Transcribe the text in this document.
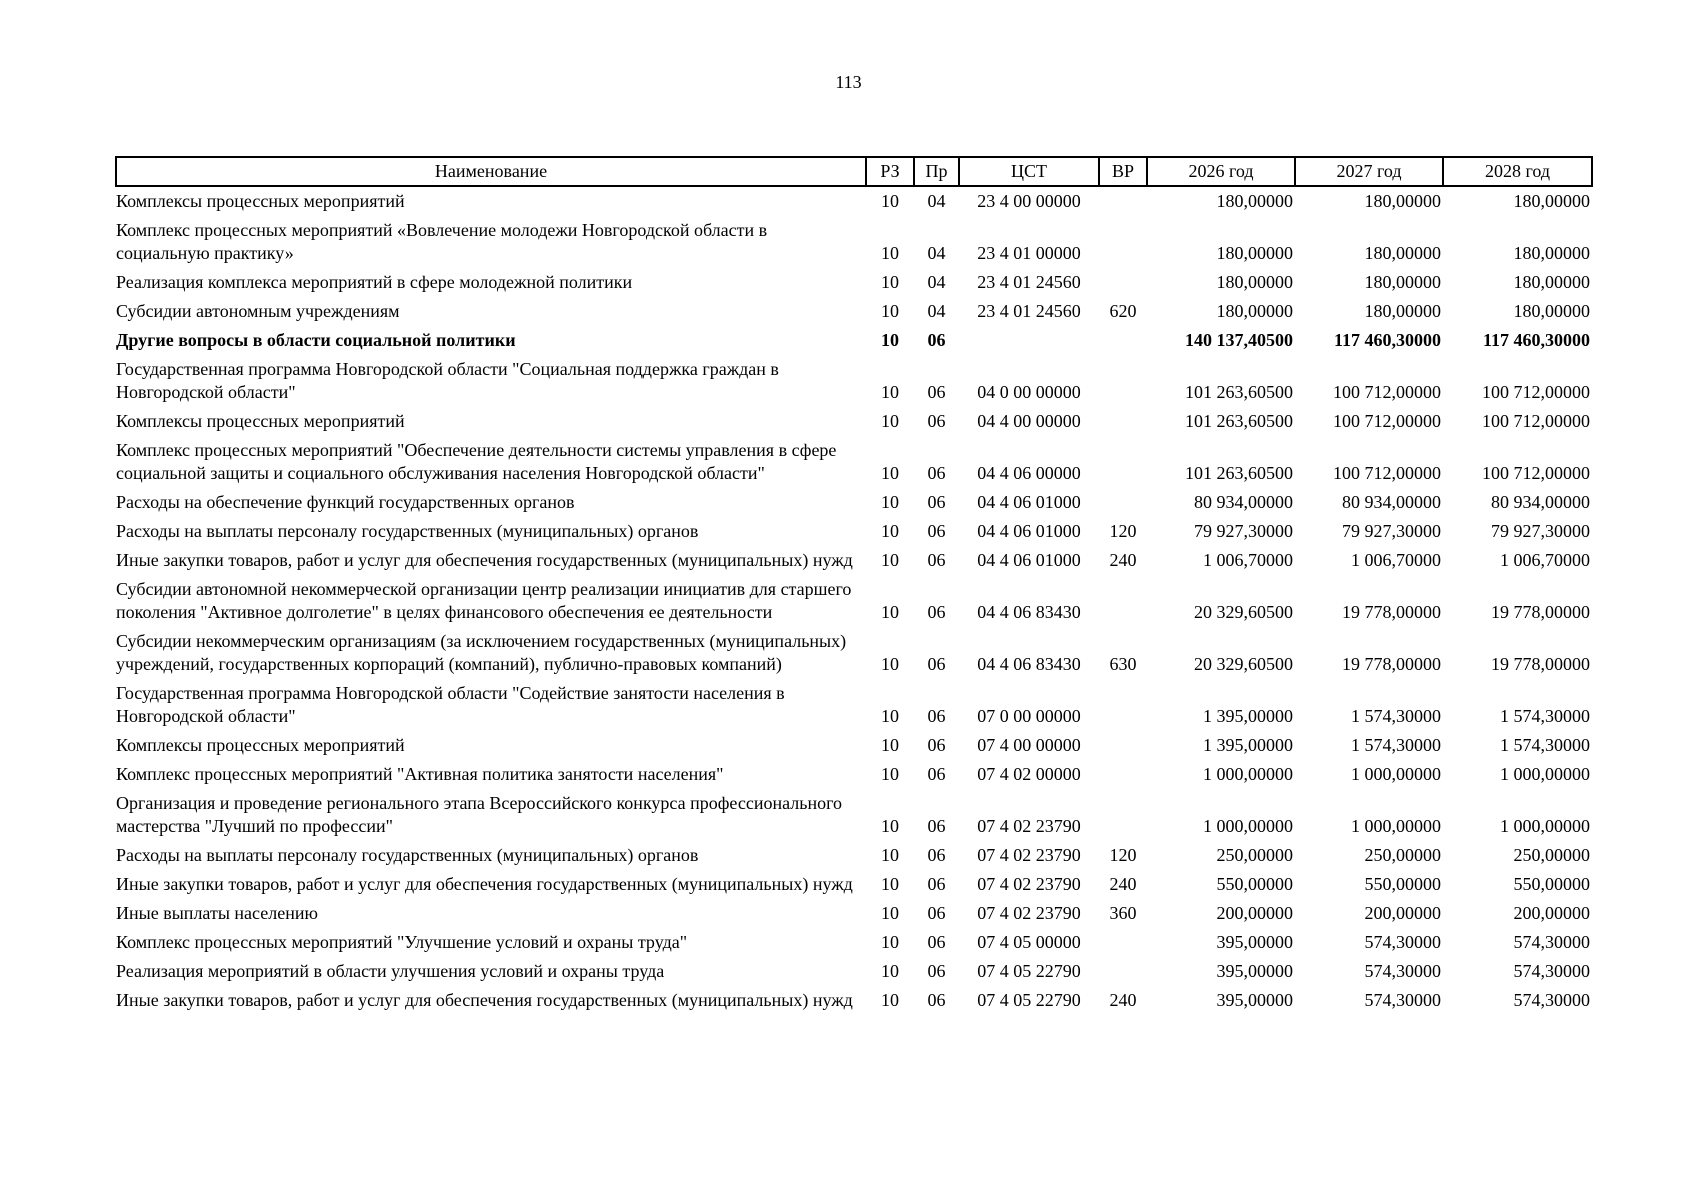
113
Наименование	РЗ	Пр	ЦСТ	ВР	2026 год	2027 год	2028 год
Комплексы процессных мероприятий	10	04	23 4 00 00000		180,00000	180,00000	180,00000
Комплекс процессных мероприятий «Вовлечение молодежи Новгородской области в социальную практику»	10	04	23 4 01 00000		180,00000	180,00000	180,00000
Реализация комплекса мероприятий в сфере молодежной политики	10	04	23 4 01 24560		180,00000	180,00000	180,00000
Субсидии автономным учреждениям	10	04	23 4 01 24560	620	180,00000	180,00000	180,00000
Другие вопросы в области социальной политики	10	06			140 137,40500	117 460,30000	117 460,30000
Государственная программа Новгородской области "Социальная поддержка граждан в Новгородской области"	10	06	04 0 00 00000		101 263,60500	100 712,00000	100 712,00000
Комплексы процессных мероприятий	10	06	04 4 00 00000		101 263,60500	100 712,00000	100 712,00000
Комплекс процессных мероприятий "Обеспечение деятельности системы управления в сфере социальной защиты и социального обслуживания населения Новгородской области"	10	06	04 4 06 00000		101 263,60500	100 712,00000	100 712,00000
Расходы на обеспечение функций государственных органов	10	06	04 4 06 01000		80 934,00000	80 934,00000	80 934,00000
Расходы на выплаты персоналу государственных (муниципальных) органов	10	06	04 4 06 01000	120	79 927,30000	79 927,30000	79 927,30000
Иные закупки товаров, работ и услуг для обеспечения государственных (муниципальных) нужд	10	06	04 4 06 01000	240	1 006,70000	1 006,70000	1 006,70000
Субсидии автономной некоммерческой организации центр реализации инициатив для старшего поколения "Активное долголетие" в целях финансового обеспечения ее деятельности	10	06	04 4 06 83430		20 329,60500	19 778,00000	19 778,00000
Субсидии некоммерческим организациям (за исключением государственных (муниципальных) учреждений, государственных корпораций (компаний), публично-правовых компаний)	10	06	04 4 06 83430	630	20 329,60500	19 778,00000	19 778,00000
Государственная программа Новгородской области "Содействие занятости населения в Новгородской области"	10	06	07 0 00 00000		1 395,00000	1 574,30000	1 574,30000
Комплексы процессных мероприятий	10	06	07 4 00 00000		1 395,00000	1 574,30000	1 574,30000
Комплекс процессных мероприятий "Активная политика занятости населения"	10	06	07 4 02 00000		1 000,00000	1 000,00000	1 000,00000
Организация и проведение регионального этапа Всероссийского конкурса профессионального мастерства "Лучший по профессии"	10	06	07 4 02 23790		1 000,00000	1 000,00000	1 000,00000
Расходы на выплаты персоналу государственных (муниципальных) органов	10	06	07 4 02 23790	120	250,00000	250,00000	250,00000
Иные закупки товаров, работ и услуг для обеспечения государственных (муниципальных) нужд	10	06	07 4 02 23790	240	550,00000	550,00000	550,00000
Иные выплаты населению	10	06	07 4 02 23790	360	200,00000	200,00000	200,00000
Комплекс процессных мероприятий "Улучшение условий и охраны труда"	10	06	07 4 05 00000		395,00000	574,30000	574,30000
Реализация мероприятий в области улучшения условий и охраны труда	10	06	07 4 05 22790		395,00000	574,30000	574,30000
Иные закупки товаров, работ и услуг для обеспечения государственных (муниципальных) нужд	10	06	07 4 05 22790	240	395,00000	574,30000	574,30000
